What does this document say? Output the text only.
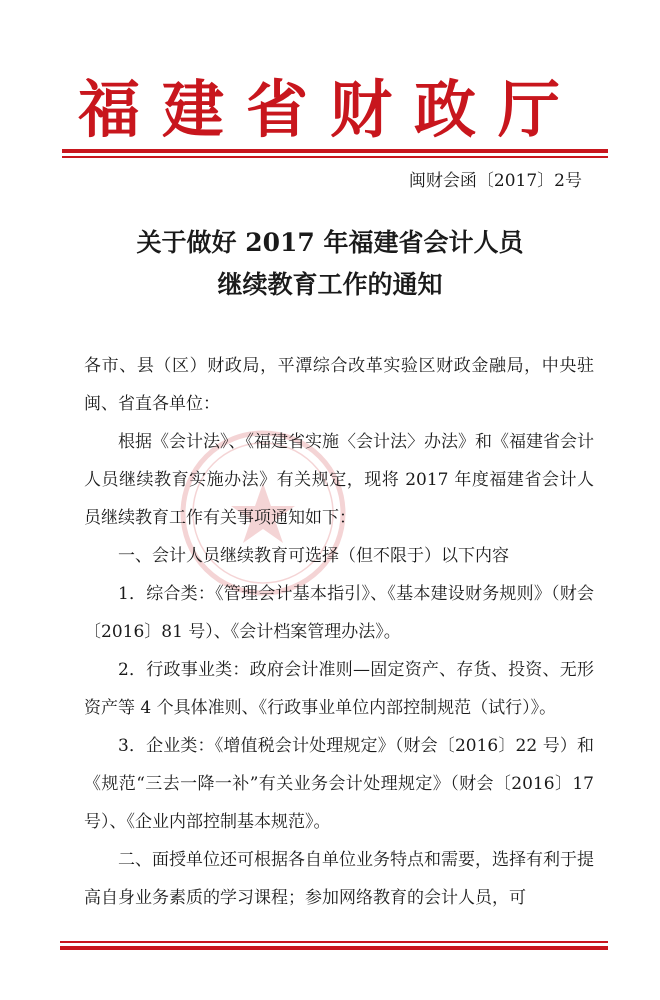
福建省财政厅
闽财会函〔2017〕2号
关于做好 2017 年福建省会计人员
继续教育工作的通知

各市、县（区）财政局，平潭综合改革实验区财政金融局，中央驻闽、省直各单位：

根据《会计法》、《福建省实施〈会计法〉办法》和《福建省会计人员继续教育实施办法》有关规定，现将 2017 年度福建省会计人员继续教育工作有关事项通知如下：

一、会计人员继续教育可选择（但不限于）以下内容

1．综合类：《管理会计基本指引》、《基本建设财务规则》（财会〔2016〕81 号）、《会计档案管理办法》。

2．行政事业类：政府会计准则—固定资产、存货、投资、无形资产等 4 个具体准则、《行政事业单位内部控制规范（试行）》。

3．企业类：《增值税会计处理规定》（财会〔2016〕22 号）和《规范“三去一降一补”有关业务会计处理规定》（财会〔2016〕17 号）、《企业内部控制基本规范》。

二、面授单位还可根据各自单位业务特点和需要，选择有利于提高自身业务素质的学习课程；参加网络教育的会计人员，可
